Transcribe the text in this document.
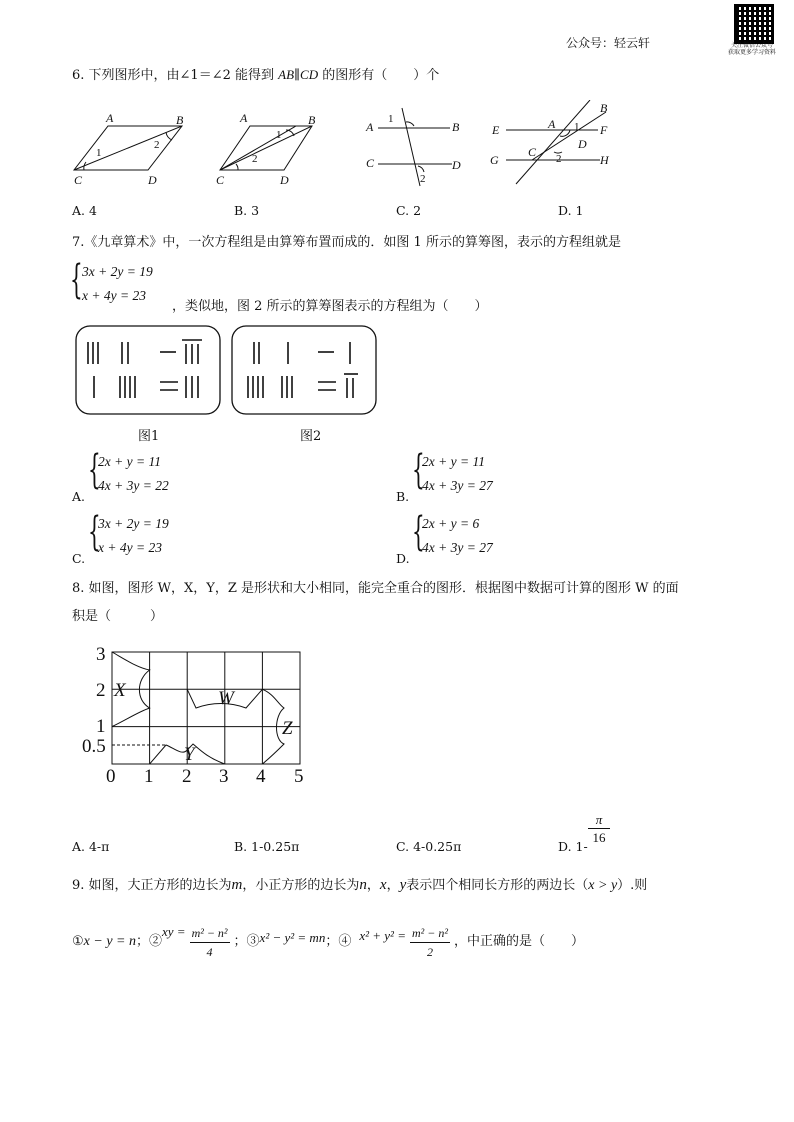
公众号：轻云轩	关注微信公众号
获取更多学习资料
6. 下列图形中，由∠1＝∠2 能得到 AB∥CD 的图形有（　　）个
A	B
C	D
1
2
A	B
C	D
1
2
A	B
C	D
1
2
E	F
G	H
A
B
C
D
1
2
A. 4	B. 3	C. 2	D. 1
7.《九章算术》中，一次方程组是由算筹布置而成的．如图 1 所示的算筹图，表示的方程组就是
{ 3x + 2y = 19
x + 4y = 23
，类似地，图 2 所示的算筹图表示的方程组为（　　）
图1	图2
A.
{
2x + y = 11
4x + 3y = 22
B.
{
2x + y = 11
4x + 3y = 27
C.
{
3x + 2y = 19
x + 4y = 23
D.
{
2x + y = 6
4x + 3y = 27
8. 如图，图形 W，X，Y，Z 是形状和大小相同，能完全重合的图形．根据图中数据可计算的图形 W 的面
积是（　　　）
X	W
Y
Z
3
2
1
0.5
0 1 2 3 4 5
A. 4-π	B. 1-0.25π	C. 4-0.25π	D. $1- \frac{\pi}{16}$
9. 如图，大正方形的边长为m，小正方形的边长为n，x，y表示四个相同长方形的两边长（x > y）.则
① x − y = n ；②
xy = $\frac{\text{m² − n²}}{4}$ ；③ x² − y² = mn ；④ $x^2 + y^2 = \frac{\text{m² − n²}}{2}$ ，中正确的是（　　）
